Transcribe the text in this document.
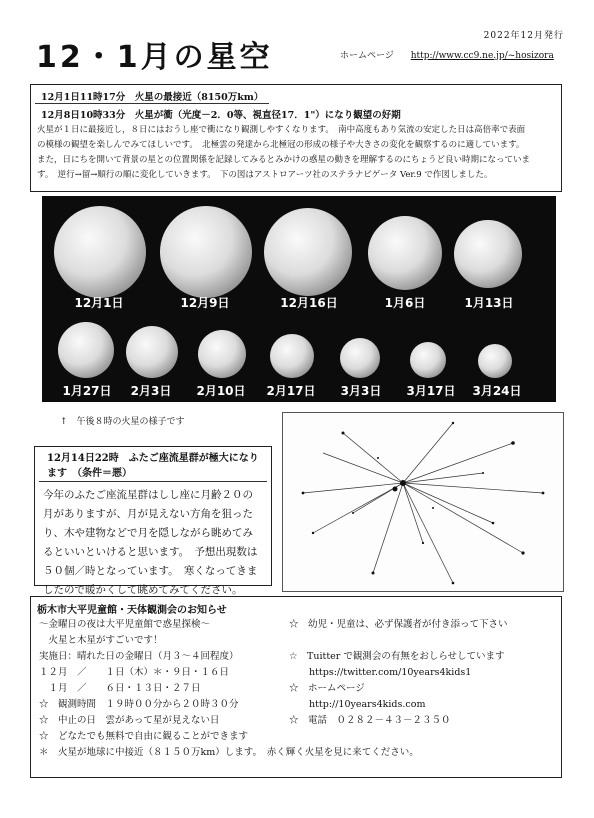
12・1月の星空
2022年12月発行
ホームページ http://www.cc9.ne.jp/~hosizora
12月1日11時17分　火星の最接近（8150万km）
12月8日10時33分　火星が衝（光度－2．0等、視直径17．1"）になり観望の好期
火星が１日に最接近し，８日にはおうし座で衝になり観測しやすくなります。　南中高度もあり気流の安定した日は高倍率で表面
の模様の観望を楽しんでみてほしいです。　北極雲の発達から北極冠の形成の様子や大きさの変化を観察するのに適しています。
また，日にちを開いて背景の星との位置関係を記録してみるとみかけの惑星の動きを理解するのにちょうど良い時期になっていま
す。　逆行→留→順行の順に変化していきます。　下の図はアストロアーツ社のステラナビゲータ Ver.9 で作図しました。
12月1日	12月9日	12月16日	1月6日	1月13日
1月27日	2月3日	2月10日	2月17日	3月3日	3月17日	3月24日
↑　午後８時の火星の様子です
12月14日22時　ふたご座流星群が極大になります　（条件＝悪）
今年のふたご座流星群はしし座に月齢２０の月がありますが、月が見えない方角を狙ったり、木や建物などで月を隠しながら眺めてみるといいといけると思います。　予想出現数は５０個／時となっています。　寒くなってきましたので暖かくして眺めてみてください。
栃木市大平児童館・天体観測会のお知らせ
～金曜日の夜は大平児童館で惑星探検～
　火星と木星がすごいです！
実施日：晴れた日の金曜日（月３～４回程度）
１２月　／　　１日（木）＊・９日・１６日
　１月　／　　６日・１３日・２７日
☆　観測時間　１９時００分から２０時３０分
☆　中止の日　雲があって星が見えない日
☆　どなたでも無料で自由に観ることができます
＊　火星が地球に中接近（８１５０万km）します。　赤く輝く火星を見に来てください。
☆　幼児・児童は、必ず保護者が付き添って下さい
☆　Tuitter で観測会の有無をおしらせしています
https://twitter.com/10years4kids1
☆　ホームページ
http://10years4kids.com
☆　電話　０２８２－４３－２３５０
